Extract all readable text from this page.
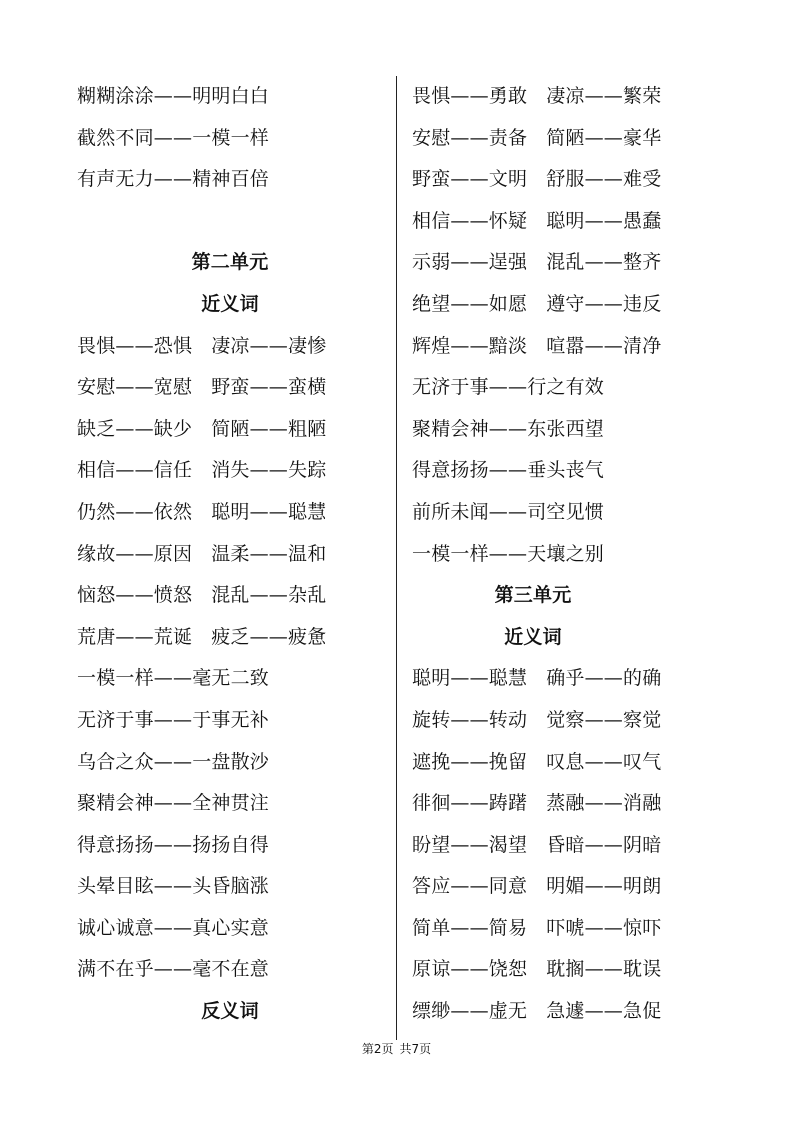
糊糊涂涂——明明白白
截然不同——一模一样
有声无力——精神百倍
第二单元
近义词
畏惧——恐惧 凄凉——凄惨
安慰——宽慰 野蛮——蛮横
缺乏——缺少 简陋——粗陋
相信——信任 消失——失踪
仍然——依然 聪明——聪慧
缘故——原因 温柔——温和
恼怒——愤怒 混乱——杂乱
荒唐——荒诞 疲乏——疲惫
一模一样——毫无二致
无济于事——于事无补
乌合之众——一盘散沙
聚精会神——全神贯注
得意扬扬——扬扬自得
头晕目眩——头昏脑涨
诚心诚意——真心实意
满不在乎——毫不在意
反义词
畏惧——勇敢 凄凉——繁荣
安慰——责备 简陋——豪华
野蛮——文明 舒服——难受
相信——怀疑 聪明——愚蠢
示弱——逞强 混乱——整齐
绝望——如愿 遵守——违反
辉煌——黯淡 喧嚣——清净
无济于事——行之有效
聚精会神——东张西望
得意扬扬——垂头丧气
前所未闻——司空见惯
一模一样——天壤之别
第三单元
近义词
聪明——聪慧 确乎——的确
旋转——转动 觉察——察觉
遮挽——挽留 叹息——叹气
徘徊——踌躇 蒸融——消融
盼望——渴望 昏暗——阴暗
答应——同意 明媚——明朗
简单——简易 吓唬——惊吓
原谅——饶恕 耽搁——耽误
缥缈——虚无 急遽——急促
第2页 共7页
